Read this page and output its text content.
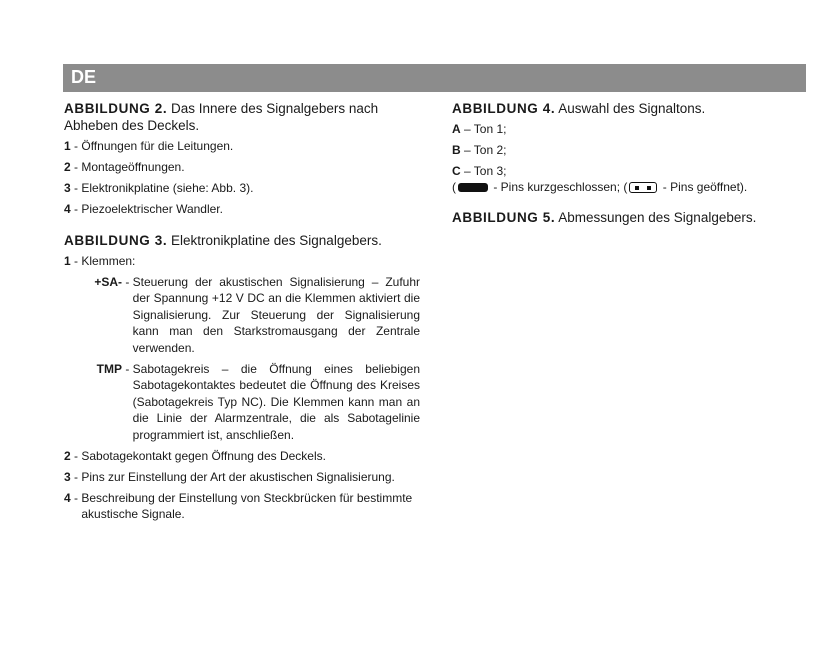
DE

ABBILDUNG 2. Das Innere des Signalgebers nach Abheben des Deckels.

1 - Öffnungen für die Leitungen.
2 - Montageöffnungen.
3 - Elektronikplatine (siehe: Abb. 3).
4 - Piezoelektrischer Wandler.

ABBILDUNG 3. Elektronikplatine des Signalgebers.

1 - Klemmen:
+SA- - Steuerung der akustischen Signalisierung – Zufuhr der Spannung +12 V DC an die Klemmen aktiviert die Signalisierung. Zur Steuerung der Signalisierung kann man den Starkstromausgang der Zentrale verwenden.
TMP - Sabotagekreis – die Öffnung eines beliebigen Sabotagekontaktes bedeutet die Öffnung des Kreises (Sabotagekreis Typ NC). Die Klemmen kann man an die Linie der Alarmzentrale, die als Sabotagelinie programmiert ist, anschließen.
2 - Sabotagekontakt gegen Öffnung des Deckels.
3 - Pins zur Einstellung der Art der akustischen Signalisierung.
4 - Beschreibung der Einstellung von Steckbrücken für bestimmte akustische Signale.

ABBILDUNG 4. Auswahl des Signaltons.

A – Ton 1;
B – Ton 2;
C – Ton 3;
(	- Pins kurzgeschlossen; (	- Pins geöffnet).

ABBILDUNG 5. Abmessungen des Signalgebers.
